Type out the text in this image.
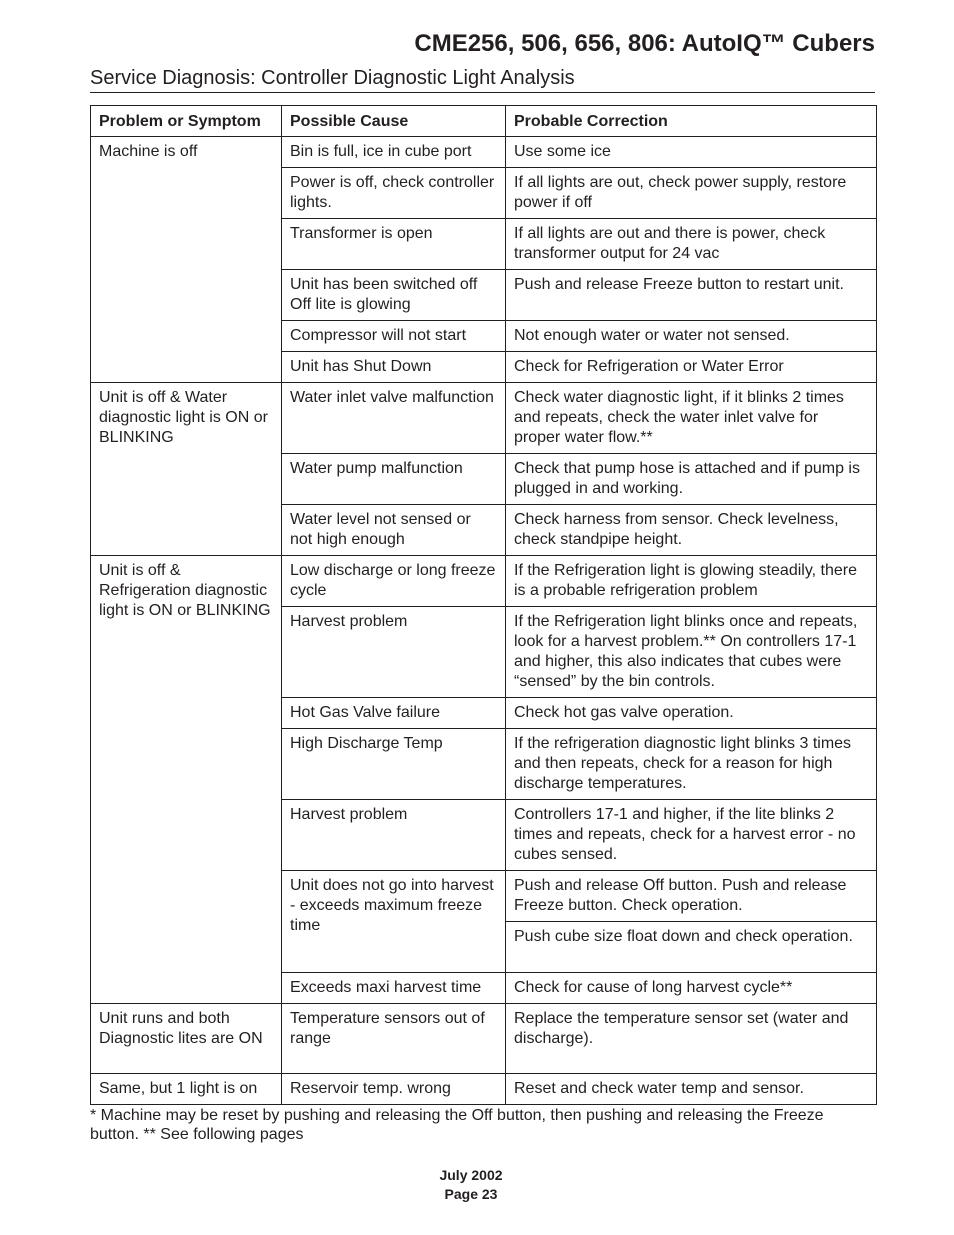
CME256, 506, 656, 806: AutoIQ™ Cubers
Service Diagnosis: Controller Diagnostic Light Analysis
Problem or Symptom	Possible Cause	Probable Correction
Machine is off	Bin is full, ice in cube port	Use some ice
	Power is off, check controller lights.	If all lights are out, check power supply, restore power if off
	Transformer is open	If all lights are out and there is power, check transformer output for 24 vac
	Unit has been switched off Off lite is glowing	Push and release Freeze button to restart unit.
	Compressor will not start	Not enough water or water not sensed.
	Unit has Shut Down	Check for Refrigeration or Water Error
Unit is off & Water diagnostic light is ON or BLINKING	Water inlet valve malfunction	Check water diagnostic light, if it blinks 2 times and repeats, check the water inlet valve for proper water flow.**
	Water pump malfunction	Check that pump hose is attached and if pump is plugged in and working.
	Water level not sensed or not high enough	Check harness from sensor. Check levelness, check standpipe height.
Unit is off & Refrigeration diagnostic light is ON or BLINKING	Low discharge or long freeze cycle	If the Refrigeration light is glowing steadily, there is a probable refrigeration problem
	Harvest problem	If the Refrigeration light blinks once and repeats, look for a harvest problem.** On controllers 17-1 and higher, this also indicates that cubes were “sensed” by the bin controls.
	Hot Gas Valve failure	Check hot gas valve operation.
	High Discharge Temp	If the refrigeration diagnostic light blinks 3 times and then repeats, check for a reason for high discharge temperatures.
	Harvest problem	Controllers 17-1 and higher, if the lite blinks 2 times and repeats, check for a harvest error - no cubes sensed.
	Unit does not go into harvest - exceeds maximum freeze time	Push and release Off button. Push and release Freeze button. Check operation.
		Push cube size float down and check operation.
	Exceeds maxi harvest time	Check for cause of long harvest cycle**
Unit runs and both Diagnostic lites are ON	Temperature sensors out of range	Replace the temperature sensor set (water and discharge).
Same, but 1 light is on	Reservoir temp. wrong	Reset and check water temp and sensor.

* Machine may be reset by pushing and releasing the Off button, then pushing and releasing the Freeze button. ** See following pages

July 2002
Page 23
